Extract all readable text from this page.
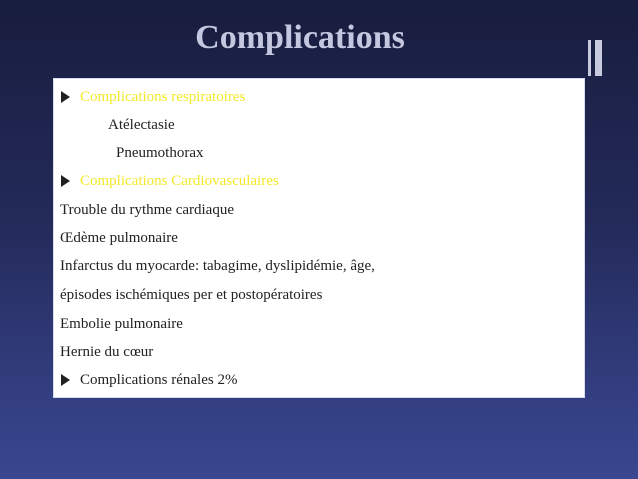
Complications
Complications respiratoires
Atélectasie
Pneumothorax
Complications Cardiovasculaires
Trouble du rythme cardiaque
Œdème pulmonaire
Infarctus du myocarde: tabagime, dyslipidémie, âge,
épisodes ischémiques per et postopératoires
Embolie pulmonaire
Hernie du cœur
Complications rénales 2%
